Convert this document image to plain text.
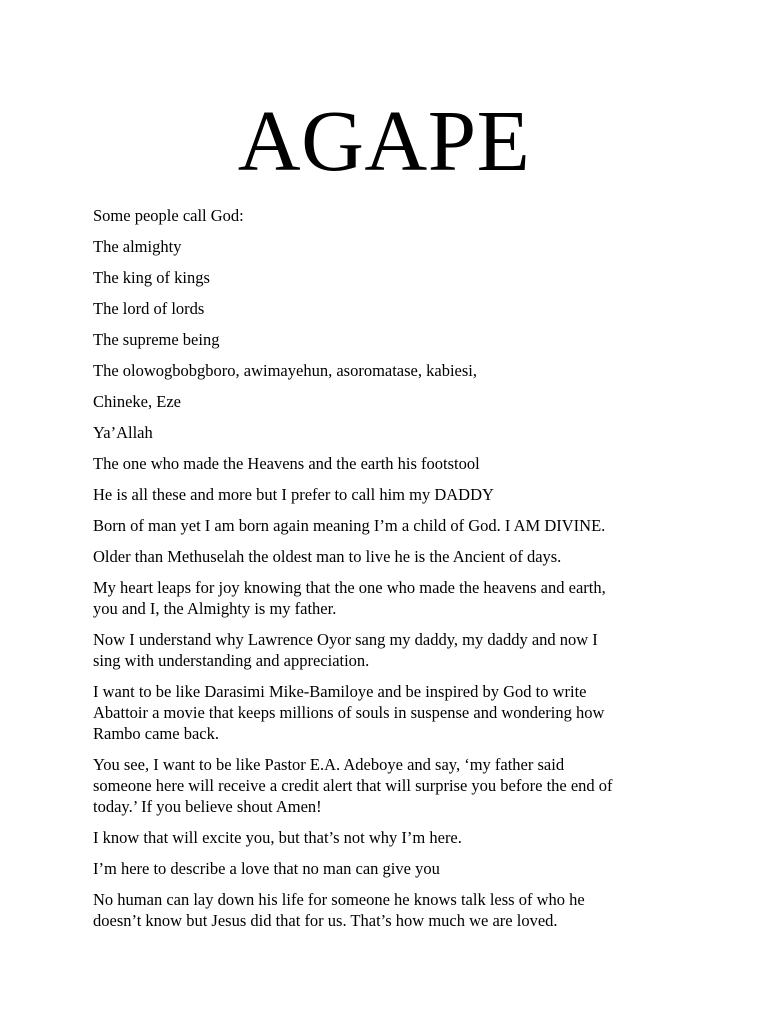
AGAPE

Some people call God:

The almighty

The king of kings

The lord of lords

The supreme being

The olowogbobgboro, awimayehun, asoromatase, kabiesi,

Chineke, Eze

Ya’Allah

The one who made the Heavens and the earth his footstool

He is all these and more but I prefer to call him my DADDY

Born of man yet I am born again meaning I’m a child of God. I AM DIVINE.

Older than Methuselah the oldest man to live he is the Ancient of days.

My heart leaps for joy knowing that the one who made the heavens and earth,
you and I, the Almighty is my father.

Now I understand why Lawrence Oyor sang my daddy, my daddy and now I
sing with understanding and appreciation.

I want to be like Darasimi Mike-Bamiloye and be inspired by God to write
Abattoir a movie that keeps millions of souls in suspense and wondering how
Rambo came back.

You see, I want to be like Pastor E.A. Adeboye and say, ‘my father said
someone here will receive a credit alert that will surprise you before the end of
today.’ If you believe shout Amen!

I know that will excite you, but that’s not why I’m here.

I’m here to describe a love that no man can give you

No human can lay down his life for someone he knows talk less of who he
doesn’t know but Jesus did that for us. That’s how much we are loved.
